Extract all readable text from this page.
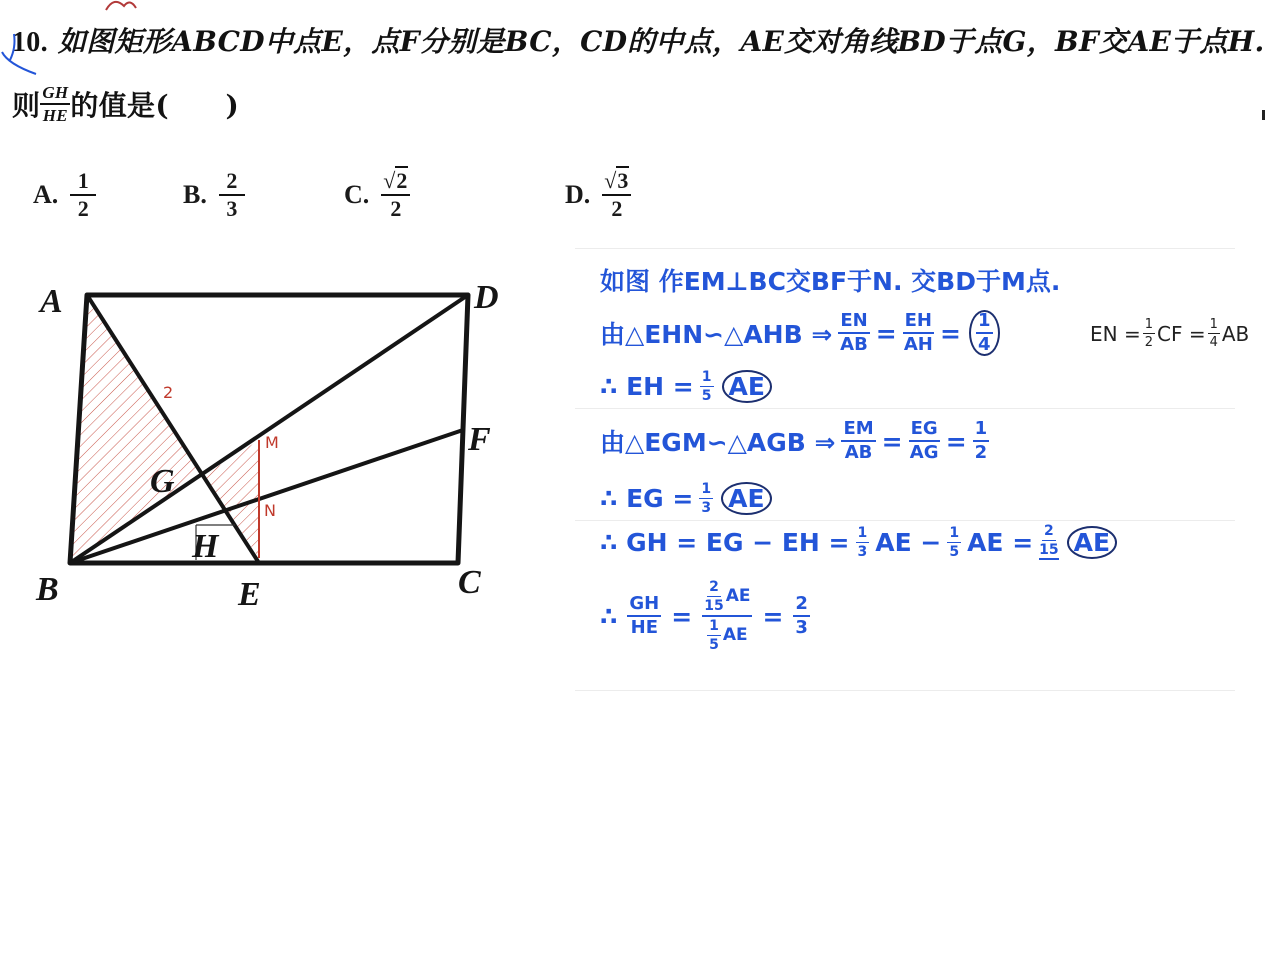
10. 如图矩形ABCD中点E，点F分别是BC，CD的中点，AE交对角线BD于点G，BF交AE于点H.
则 $\frac{GH}{HE}$ 的值是(　　)
A. $\frac{1}{2}$	B. $\frac{2}{3}$	C. $\frac{√2}{2}$	D. $\frac{√3}{2}$
A	D
F
C
B	E
G
H
M
N
2
如图 作EM⊥BC交BF于N. 交BD于M点.
由△EHN∽△AHB ⇒ $\frac{EN}{AB} = \frac{EH}{AH} = \frac{1}{4}$	EN = $\frac{1}{2}$ CF = $\frac{1}{4}$ AB
∴ EH = $\frac{1}{5}$ AE
由△EGM∽△AGB ⇒ $\frac{EM}{AB} = \frac{EG}{AG} = \frac{1}{2}$
∴ EG = $\frac{1}{3}$ AE
∴ GH = EG − EH = $\frac{1}{3}$ AE − $\frac{1}{5}$ AE = $\frac{2}{15}$ AE
∴ $\frac{GH}{HE} = \frac{\frac{2}{15} AE}{\frac{1}{5} AE} = \frac{2}{3}$
